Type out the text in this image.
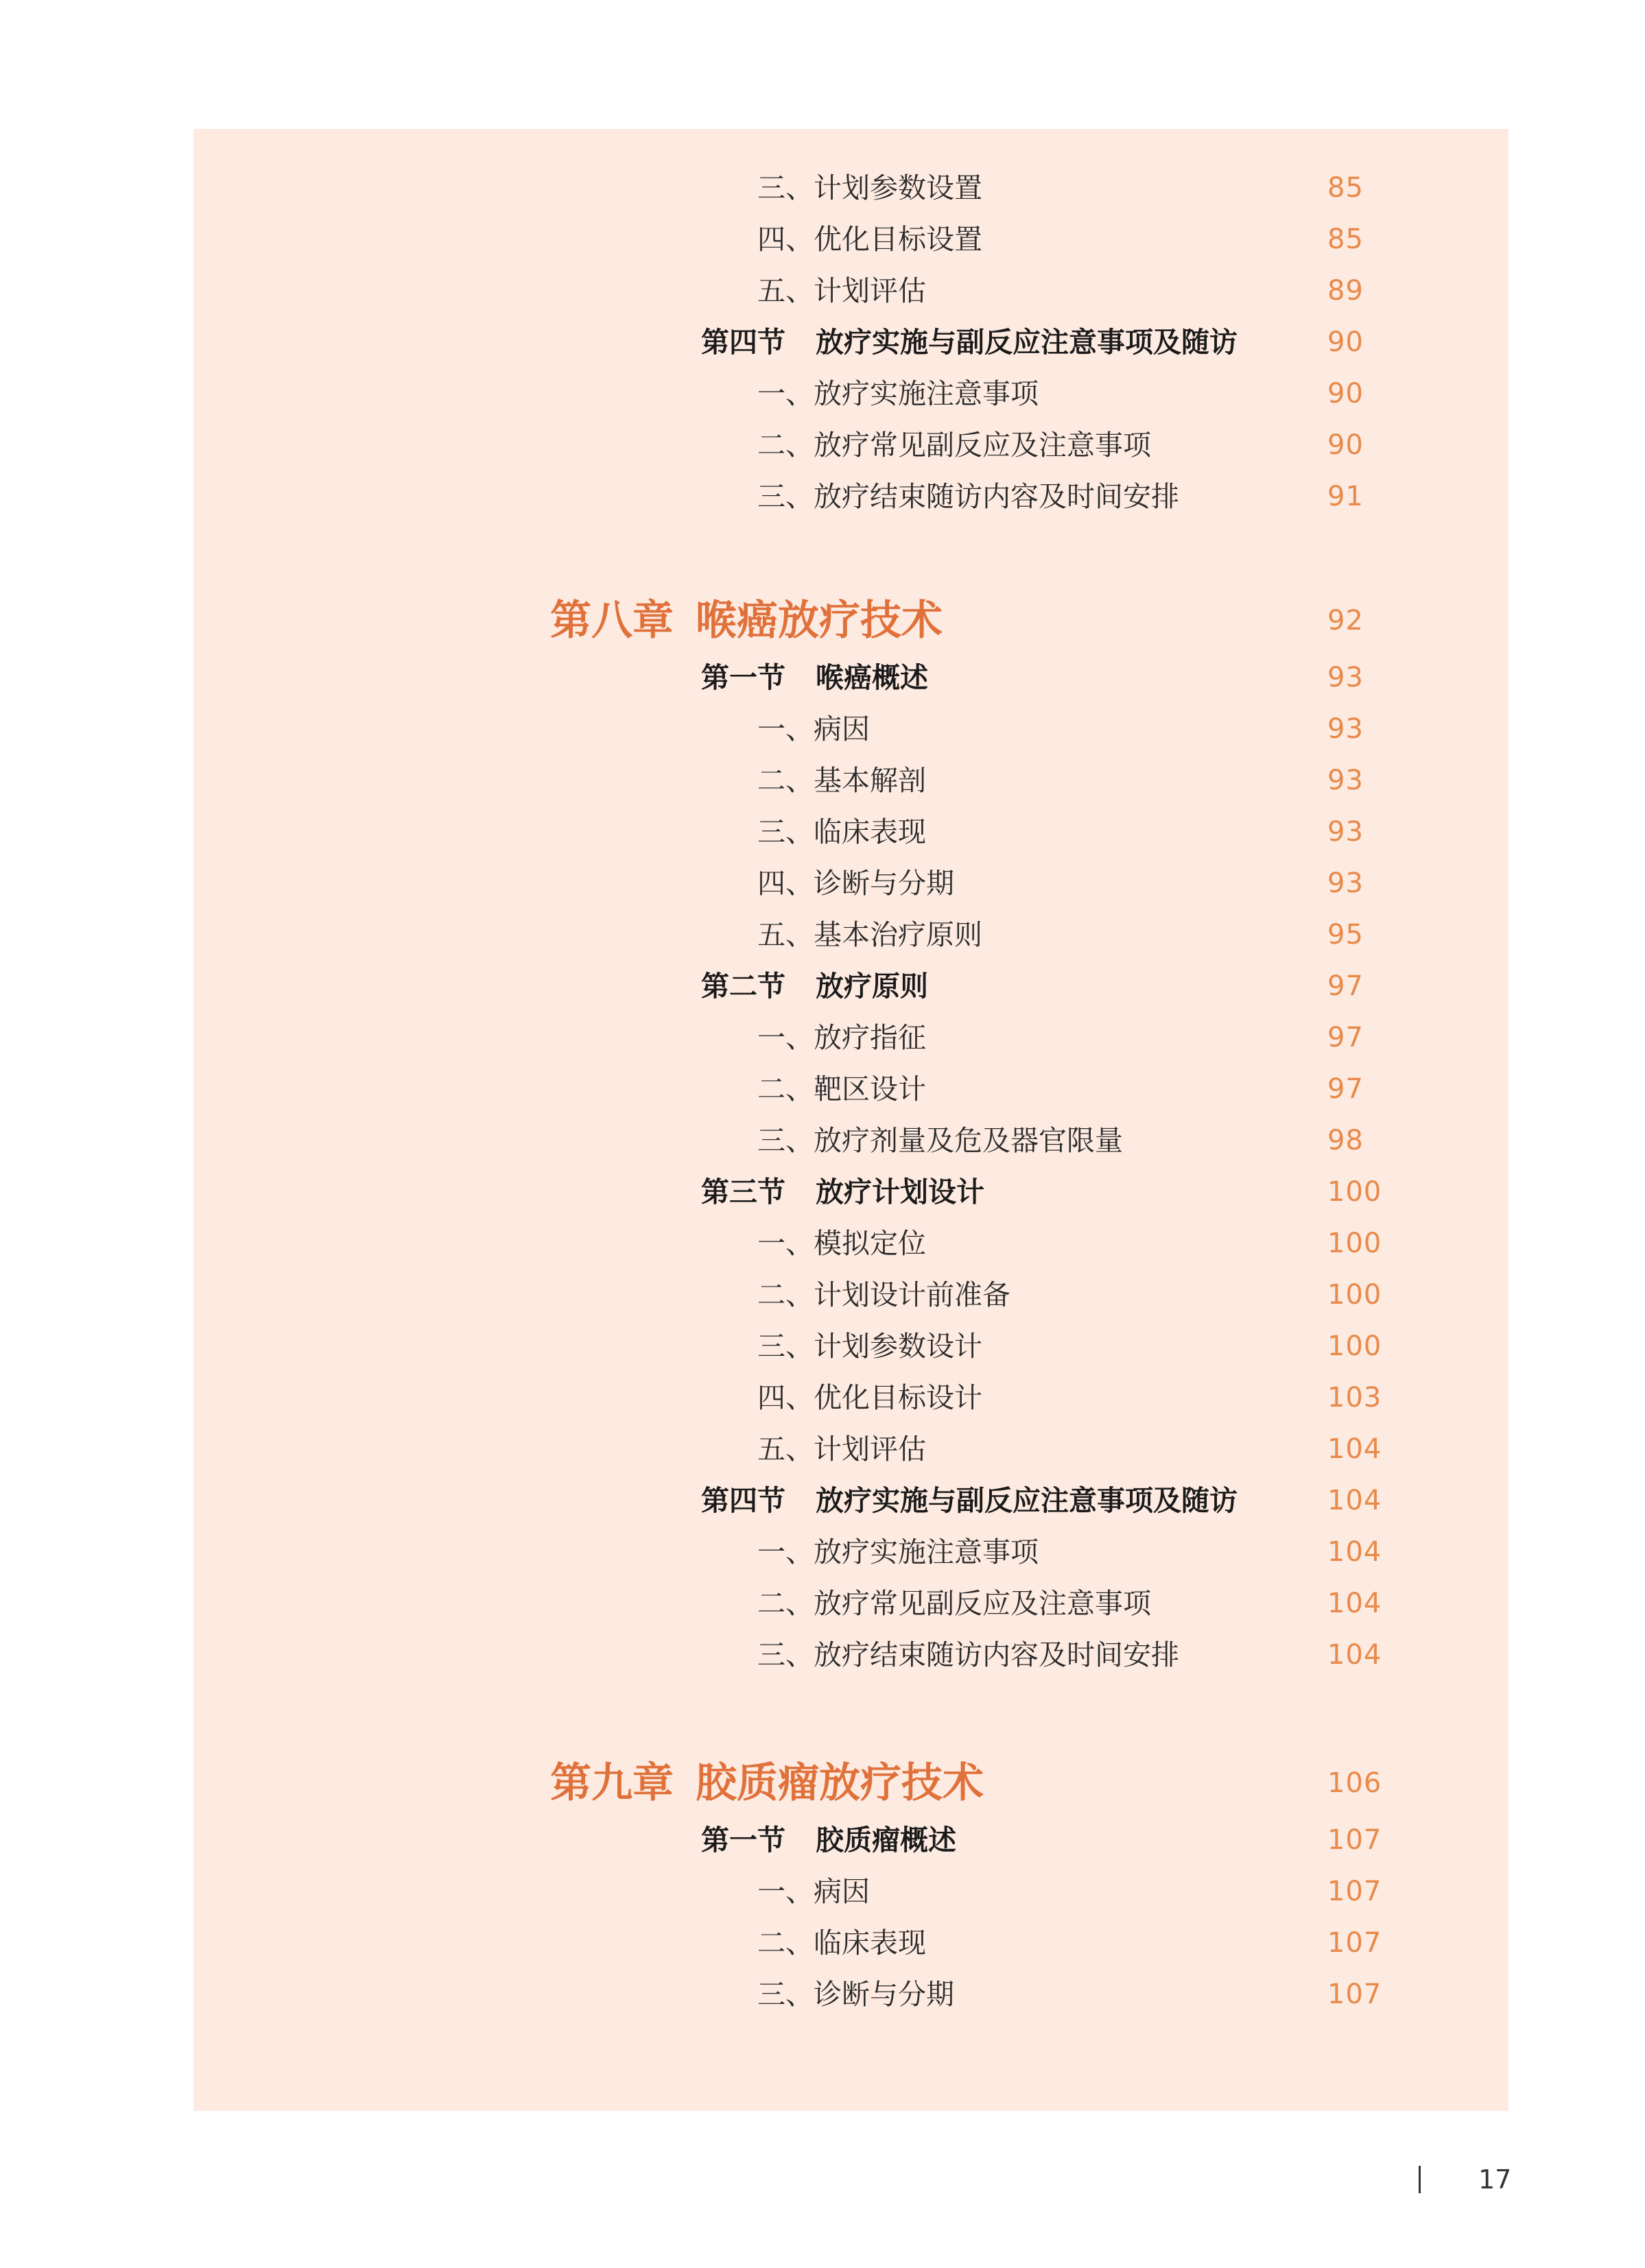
三、计划参数设置	85
四、优化目标设置	85
五、计划评估	89
第四节 放疗实施与副反应注意事项及随访	90
一、放疗实施注意事项	90
二、放疗常见副反应及注意事项	90
三、放疗结束随访内容及时间安排	91
第八章 喉癌放疗技术	92
第一节 喉癌概述	93
一、病因	93
二、基本解剖	93
三、临床表现	93
四、诊断与分期	93
五、基本治疗原则	95
第二节 放疗原则	97
一、放疗指征	97
二、靶区设计	97
三、放疗剂量及危及器官限量	98
第三节 放疗计划设计	100
一、模拟定位	100
二、计划设计前准备	100
三、计划参数设计	100
四、优化目标设计	103
五、计划评估	104
第四节 放疗实施与副反应注意事项及随访	104
一、放疗实施注意事项	104
二、放疗常见副反应及注意事项	104
三、放疗结束随访内容及时间安排	104
第九章 胶质瘤放疗技术	106
第一节 胶质瘤概述	107
一、病因	107
二、临床表现	107
三、诊断与分期	107
17
